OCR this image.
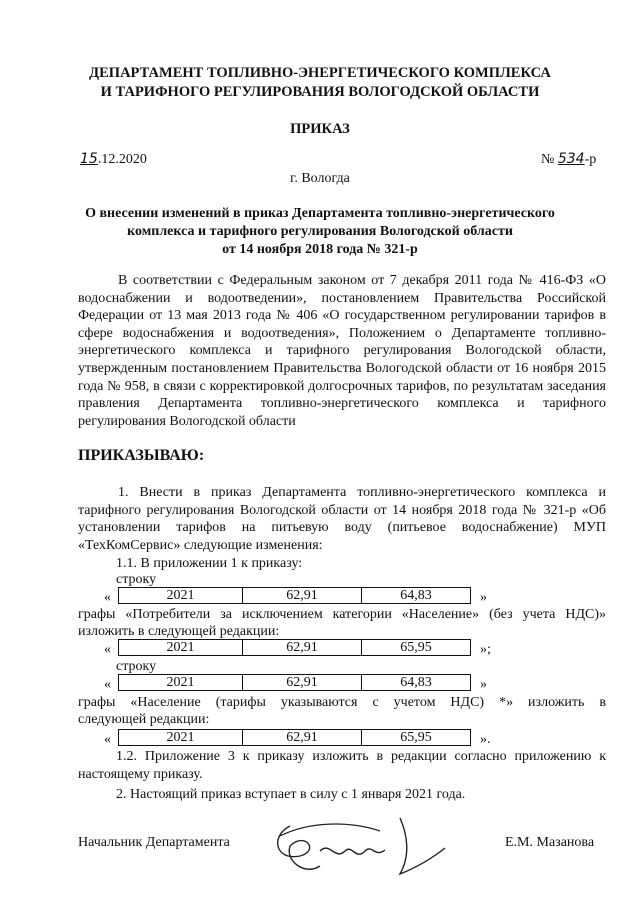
ДЕПАРТАМЕНТ ТОПЛИВНО-ЭНЕРГЕТИЧЕСКОГО КОМПЛЕКСА
И ТАРИФНОГО РЕГУЛИРОВАНИЯ ВОЛОГОДСКОЙ ОБЛАСТИ
ПРИКАЗ
15.12.2020	№ 534-р
г. Вологда
О внесении изменений в приказ Департамента топливно-энергетического
комплекса и тарифного регулирования Вологодской области
от 14 ноября 2018 года № 321-р
В соответствии с Федеральным законом от 7 декабря 2011 года № 416-ФЗ «О водоснабжении и водоотведении», постановлением Правительства Российской Федерации от 13 мая 2013 года № 406 «О государственном регулировании тарифов в сфере водоснабжения и водоотведения», Положением о Департаменте топливно-энергетического комплекса и тарифного регулирования Вологодской области, утвержденным постановлением Правительства Вологодской области от 16 ноября 2015 года № 958, в связи с корректировкой долгосрочных тарифов, по результатам заседания правления Департамента топливно-энергетического комплекса и тарифного регулирования Вологодской области
ПРИКАЗЫВАЮ:
1. Внести в приказ Департамента топливно-энергетического комплекса и тарифного регулирования Вологодской области от 14 ноября 2018 года № 321-р «Об установлении тарифов на питьевую воду (питьевое водоснабжение) МУП «ТехКомСервис» следующие изменения:
1.1. В приложении 1 к приказу:
строку
«	2021	62,91	64,83	»
графы «Потребители за исключением категории «Население» (без учета НДС)»
изложить в следующей редакции:
«	2021	62,91	65,95	»;
строку
«	2021	62,91	64,83	»
графы «Население (тарифы указываются с учетом НДС) *» изложить в
следующей редакции:
«	2021	62,91	65,95	».
1.2. Приложение 3 к приказу изложить в редакции согласно приложению к настоящему приказу.
2. Настоящий приказ вступает в силу с 1 января 2021 года.
Начальник Департамента	Е.М. Мазанова
